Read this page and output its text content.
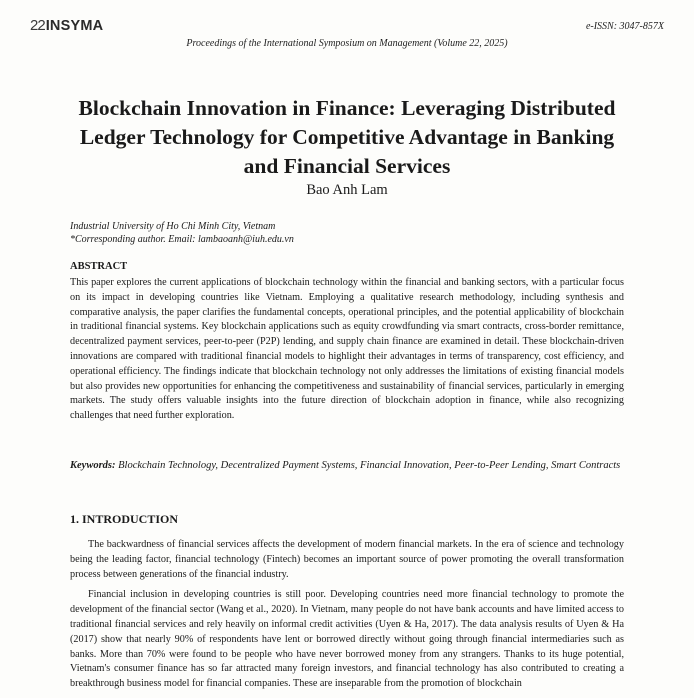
22INSYMA	e-ISSN: 3047-857X
Proceedings of the International Symposium on Management (Volume 22, 2025)
Blockchain Innovation in Finance: Leveraging Distributed Ledger Technology for Competitive Advantage in Banking and Financial Services
Bao Anh Lam
Industrial University of Ho Chi Minh City, Vietnam
*Corresponding author. Email: lambaoanh@iuh.edu.vn
ABSTRACT
This paper explores the current applications of blockchain technology within the financial and banking sectors, with a particular focus on its impact in developing countries like Vietnam. Employing a qualitative research methodology, including synthesis and comparative analysis, the paper clarifies the fundamental concepts, operational principles, and the potential applicability of blockchain in traditional financial systems. Key blockchain applications such as equity crowdfunding via smart contracts, cross-border remittance, decentralized payment services, peer-to-peer (P2P) lending, and supply chain finance are examined in detail. These blockchain-driven innovations are compared with traditional financial models to highlight their advantages in terms of transparency, cost efficiency, and operational efficiency. The findings indicate that blockchain technology not only addresses the limitations of existing financial models but also provides new opportunities for enhancing the competitiveness and sustainability of financial services, particularly in emerging markets. The study offers valuable insights into the future direction of blockchain adoption in finance, while also recognizing challenges that need further exploration.
Keywords: Blockchain Technology, Decentralized Payment Systems, Financial Innovation, Peer-to-Peer Lending, Smart Contracts
1. INTRODUCTION

The backwardness of financial services affects the development of modern financial markets. In the era of science and technology being the leading factor, financial technology (Fintech) becomes an important source of power promoting the overall transformation process between generations of the financial industry.

Financial inclusion in developing countries is still poor. Developing countries need more financial technology to promote the development of the financial sector (Wang et al., 2020). In Vietnam, many people do not have bank accounts and have limited access to traditional financial services and rely heavily on informal credit activities (Uyen & Ha, 2017). The data analysis results of Uyen & Ha (2017) show that nearly 90% of respondents have lent or borrowed directly without going through financial intermediaries such as banks. More than 70% were found to be people who have never borrowed money from any strangers. Thanks to its huge potential, Vietnam's consumer finance has so far attracted many foreign investors, and financial technology has also contributed to creating a breakthrough business model for financial companies. These are inseparable from the promotion of blockchain
